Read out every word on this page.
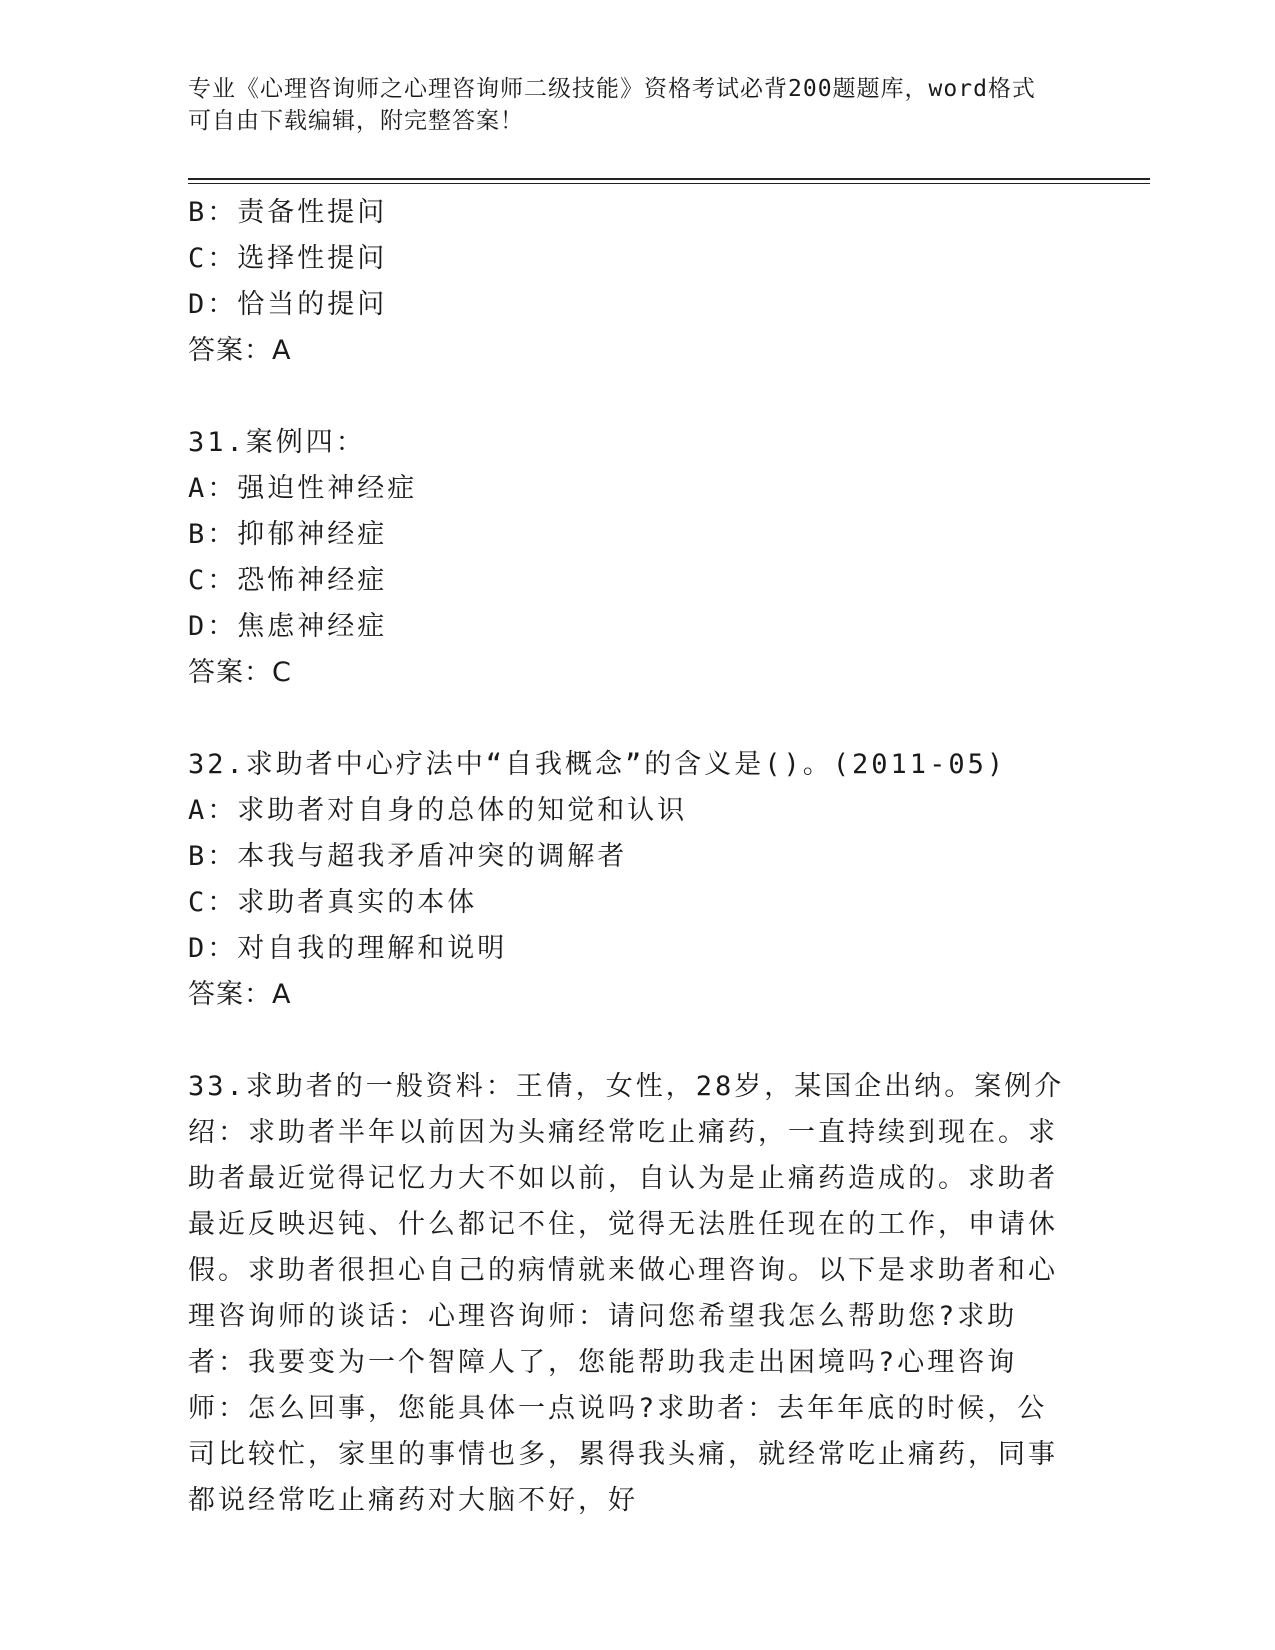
专业《心理咨询师之心理咨询师二级技能》资格考试必背200题题库，word格式
可自由下载编辑，附完整答案！
B：责备性提问
C：选择性提问
D：恰当的提问
答案：A
31.案例四：
A：强迫性神经症
B：抑郁神经症
C：恐怖神经症
D：焦虑神经症
答案：C
32.求助者中心疗法中“自我概念”的含义是()。(2011-05)
A：求助者对自身的总体的知觉和认识
B：本我与超我矛盾冲突的调解者
C：求助者真实的本体
D：对自我的理解和说明
答案：A

33.求助者的一般资料：王倩，女性，28岁，某国企出纳。案例介绍：求助者半年以前因为头痛经常吃止痛药，一直持续到现在。求助者最近觉得记忆力大不如以前，自认为是止痛药造成的。求助者最近反映迟钝、什么都记不住，觉得无法胜任现在的工作，申请休假。求助者很担心自己的病情就来做心理咨询。以下是求助者和心理咨询师的谈话：心理咨询师：请问您希望我怎么帮助您?求助者：我要变为一个智障人了，您能帮助我走出困境吗?心理咨询师：怎么回事，您能具体一点说吗?求助者：去年年底的时候，公司比较忙，家里的事情也多，累得我头痛，就经常吃止痛药，同事都说经常吃止痛药对大脑不好，好
